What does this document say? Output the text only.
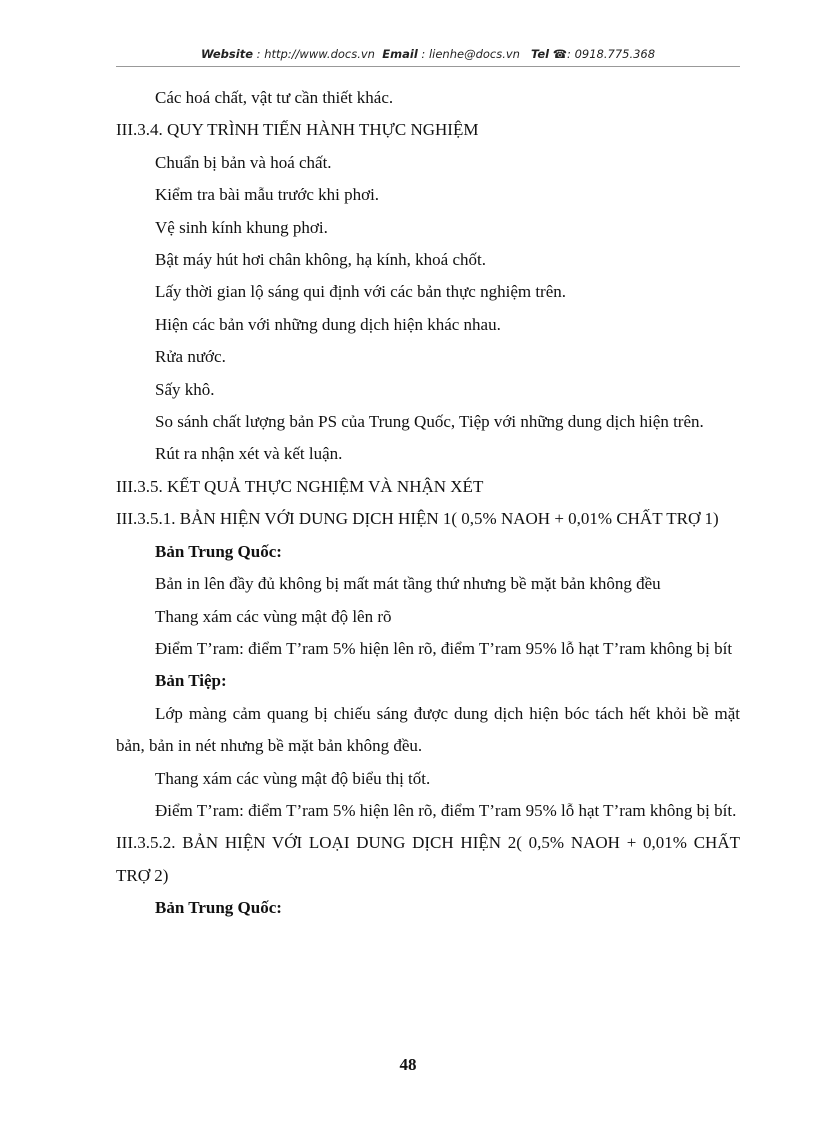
Website : http://www.docs.vn Email : lienhe@docs.vn Tel ☎: 0918.775.368

Các hoá chất, vật tư cần thiết khác.

III.3.4. QUY TRÌNH TIẾN HÀNH THỰC NGHIỆM

Chuẩn bị bản và hoá chất.

Kiểm tra bài mẫu trước khi phơi.

Vệ sinh kính khung phơi.

Bật máy hút hơi chân không, hạ kính, khoá chốt.

Lấy thời gian lộ sáng qui định với các bản thực nghiệm trên.

Hiện các bản với những dung dịch hiện khác nhau.

Rửa nước.

Sấy khô.

So sánh chất lượng bản PS của Trung Quốc, Tiệp với những dung dịch hiện trên.

Rút ra nhận xét và kết luận.

III.3.5. KẾT QUẢ THỰC NGHIỆM VÀ NHẬN XÉT

III.3.5.1. BẢN HIỆN VỚI DUNG DỊCH HIỆN 1( 0,5% NAOH + 0,01% CHẤT TRỢ 1)

Bản Trung Quốc:

Bản in lên đầy đủ không bị mất mát tầng thứ nhưng bề mặt bản không đều

Thang xám các vùng mật độ lên rõ

Điểm T’ram: điểm T’ram 5% hiện lên rõ, điểm T’ram 95% lỗ hạt T’ram không bị bít

Bản Tiệp:

Lớp màng cảm quang bị chiếu sáng được dung dịch hiện bóc tách hết khỏi bề mặt bản, bản in nét nhưng bề mặt bản không đều.

Thang xám các vùng mật độ biểu thị tốt.

Điểm T’ram: điểm T’ram 5% hiện lên rõ, điểm T’ram 95% lỗ hạt T’ram không bị bít.

III.3.5.2. BẢN HIỆN VỚI LOẠI DUNG DỊCH HIỆN 2( 0,5% NAOH + 0,01% CHẤT TRỢ 2)

Bản Trung Quốc:

48
